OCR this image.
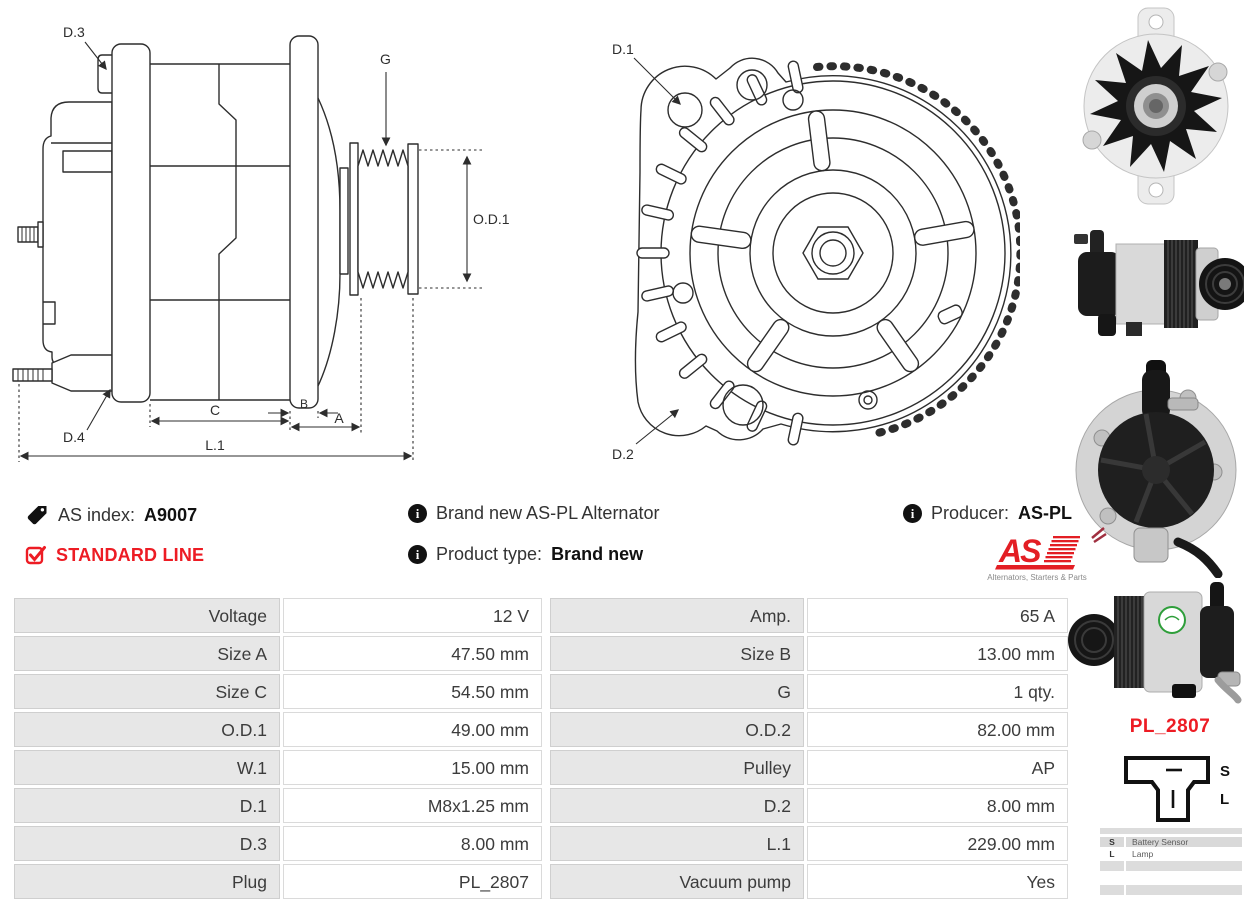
D.3
G
O.D.1
D.4
C	B
A
L.1
D.1
D.2
AS index: A9007
STANDARD LINE
i Brand new AS-PL Alternator
i Product type: Brand new
i Producer: AS-PL
AS
Alternators, Starters & Parts
Voltage	12 V
Size A	47.50 mm
Size C	54.50 mm
O.D.1	49.00 mm
W.1	15.00 mm
D.1	M8x1.25 mm
D.3	8.00 mm
Plug	PL_2807
Amp.	65 A
Size B	13.00 mm
G	1 qty.
O.D.2	82.00 mm
Pulley	AP
D.2	8.00 mm
L.1	229.00 mm
Vacuum pump	Yes
PL_2807
S
L
S	Battery Sensor
L	Lamp
